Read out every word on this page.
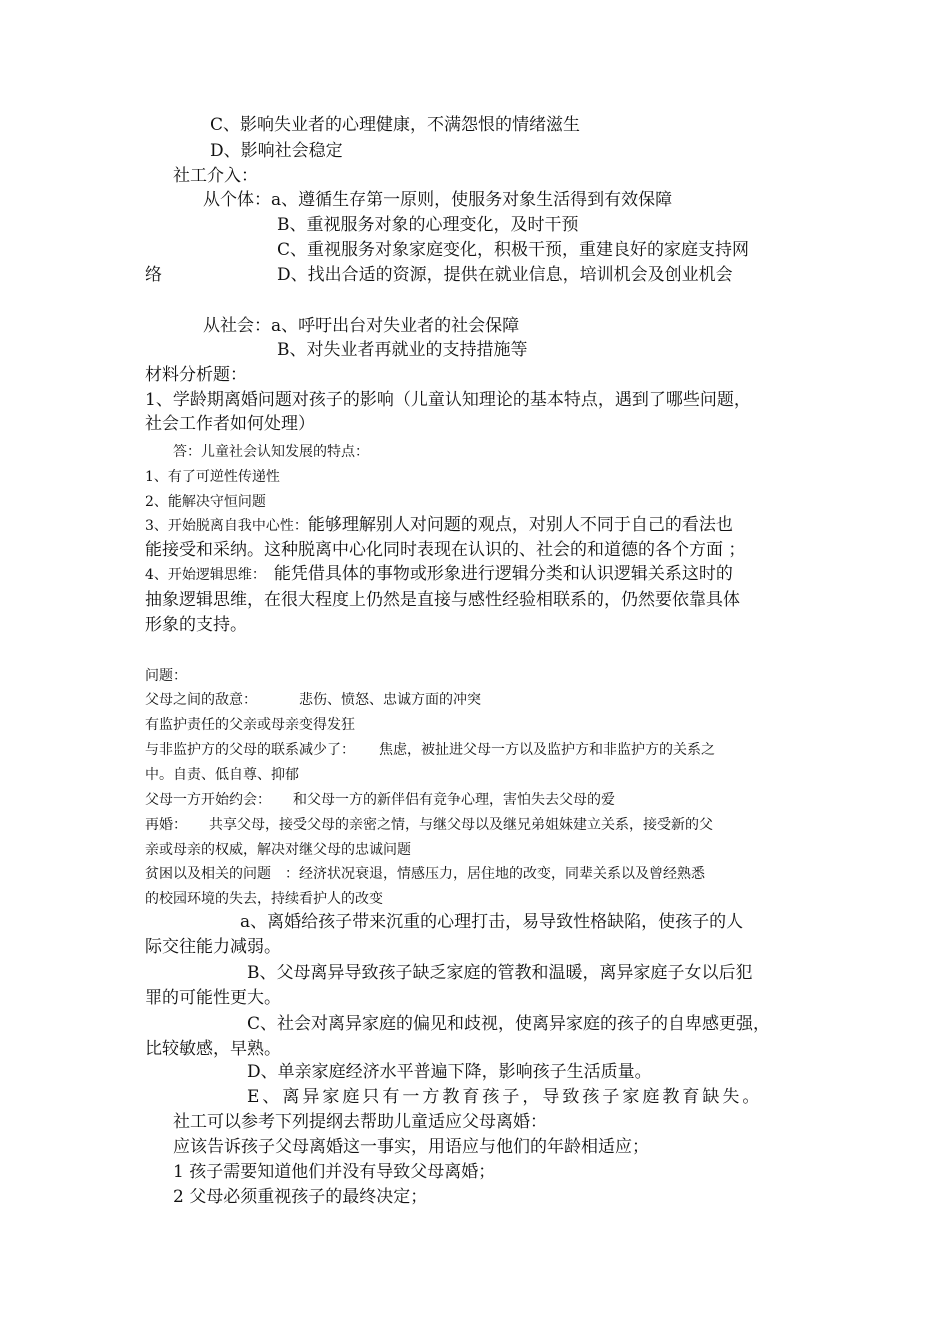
C、影响失业者的心理健康，不满怨恨的情绪滋生
D、影响社会稳定
社工介入：
从个体：a、遵循生存第一原则，使服务对象生活得到有效保障
B、重视服务对象的心理变化，及时干预
C、重视服务对象家庭变化，积极干预，重建良好的家庭支持网
络	D、找出合适的资源，提供在就业信息，培训机会及创业机会
从社会：a、呼吁出台对失业者的社会保障
B、对失业者再就业的支持措施等
材料分析题：
1、学龄期离婚问题对孩子的影响（儿童认知理论的基本特点，遇到了哪些问题，
社会工作者如何处理）
答：儿童社会认知发展的特点：
1、有了可逆性传递性
2、能解决守恒问题
3、开始脱离自我中心性：能够理解别人对问题的观点，对别人不同于自己的看法也
能接受和采纳。这种脱离中心化同时表现在认识的、社会的和道德的各个方面 ；
4、开始逻辑思维： 能凭借具体的事物或形象进行逻辑分类和认识逻辑关系这时的
抽象逻辑思维，在很大程度上仍然是直接与感性经验相联系的，仍然要依靠具体
形象的支持。
问题：
父母之间的敌意：	悲伤、愤怒、忠诚方面的冲突
有监护责任的父亲或母亲变得发狂
与非监护方的父母的联系减少了： 焦虑，被扯进父母一方以及监护方和非监护方的关系之
中。自责、低自尊、抑郁
父母一方开始约会： 和父母一方的新伴侣有竞争心理，害怕失去父母的爱
再婚： 共享父母，接受父母的亲密之情，与继父母以及继兄弟姐妹建立关系，接受新的父
亲或母亲的权威，解决对继父母的忠诚问题
贫困以及相关的问题 ：经济状况衰退，情感压力，居住地的改变，同辈关系以及曾经熟悉
的校园环境的失去，持续看护人的改变
a、离婚给孩子带来沉重的心理打击，易导致性格缺陷，使孩子的人
际交往能力减弱。
B、父母离异导致孩子缺乏家庭的管教和温暖，离异家庭子女以后犯
罪的可能性更大。
C、社会对离异家庭的偏见和歧视，使离异家庭的孩子的自卑感更强，
比较敏感，早熟。
D、单亲家庭经济水平普遍下降，影响孩子生活质量。
E、离异家庭只有一方教育孩子，导致孩子家庭教育缺失。
社工可以参考下列提纲去帮助儿童适应父母离婚：
应该告诉孩子父母离婚这一事实，用语应与他们的年龄相适应；
1 孩子需要知道他们并没有导致父母离婚；
2 父母必须重视孩子的最终决定；
